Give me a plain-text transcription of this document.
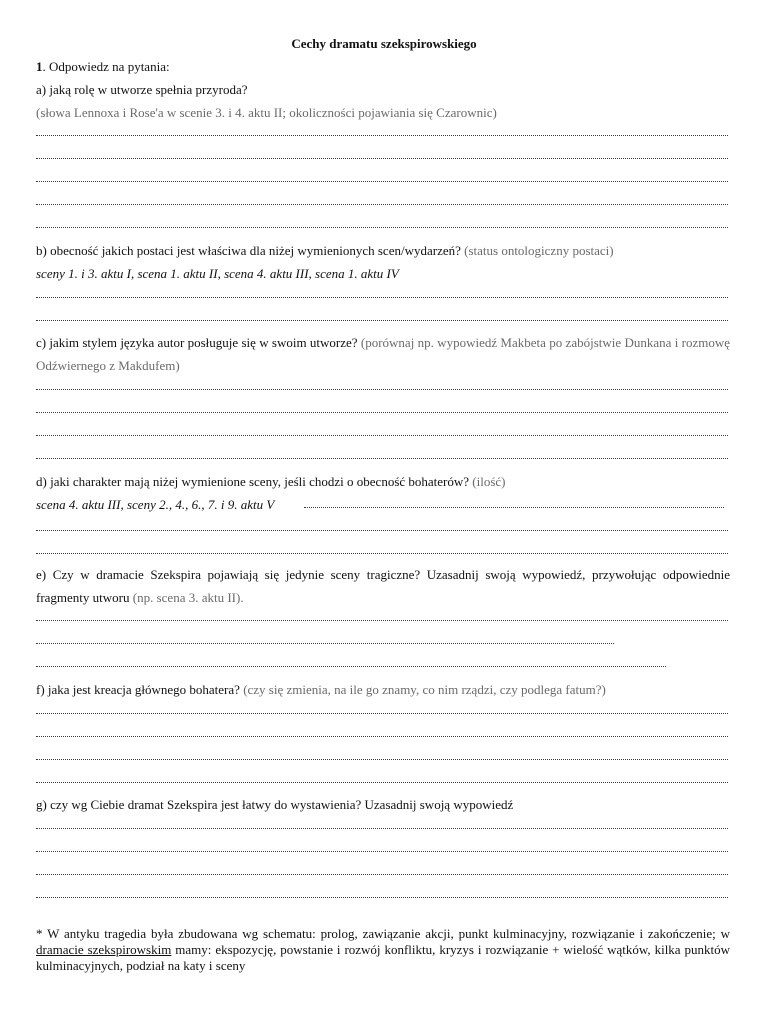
Cechy dramatu szekspirowskiego
1. Odpowiedz na pytania:
a) jaką rolę w utworze spełnia przyroda?
(słowa Lennoxa i Rose'a w scenie 3. i 4. aktu II; okoliczności pojawiania się Czarownic)
b) obecność jakich postaci jest właściwa dla niżej wymienionych scen/wydarzeń? (status ontologiczny postaci)
sceny 1. i 3. aktu I, scena 1. aktu II, scena 4. aktu III, scena 1. aktu IV
c) jakim stylem języka autor posługuje się w swoim utworze? (porównaj np. wypowiedź Makbeta po zabójstwie Dunkana i rozmowę Odźwiernego z Makdufem)
d) jaki charakter mają niżej wymienione sceny, jeśli chodzi o obecność bohaterów? (ilość)
scena 4. aktu III, sceny 2., 4., 6., 7. i 9. aktu V
e) Czy w dramacie Szekspira pojawiają się jedynie sceny tragiczne? Uzasadnij swoją wypowiedź, przywołując odpowiednie fragmenty utworu (np. scena 3. aktu II).
f) jaka jest kreacja głównego bohatera? (czy się zmienia, na ile go znamy, co nim rządzi, czy podlega fatum?)
g) czy wg Ciebie dramat Szekspira jest łatwy do wystawienia? Uzasadnij swoją wypowiedź
* W antyku tragedia była zbudowana wg schematu: prolog, zawiązanie akcji, punkt kulminacyjny, rozwiązanie i zakończenie; w dramacie szekspirowskim mamy: ekspozycję, powstanie i rozwój konfliktu, kryzys i rozwiązanie + wielość wątków, kilka punktów kulminacyjnych, podział na katy i sceny
